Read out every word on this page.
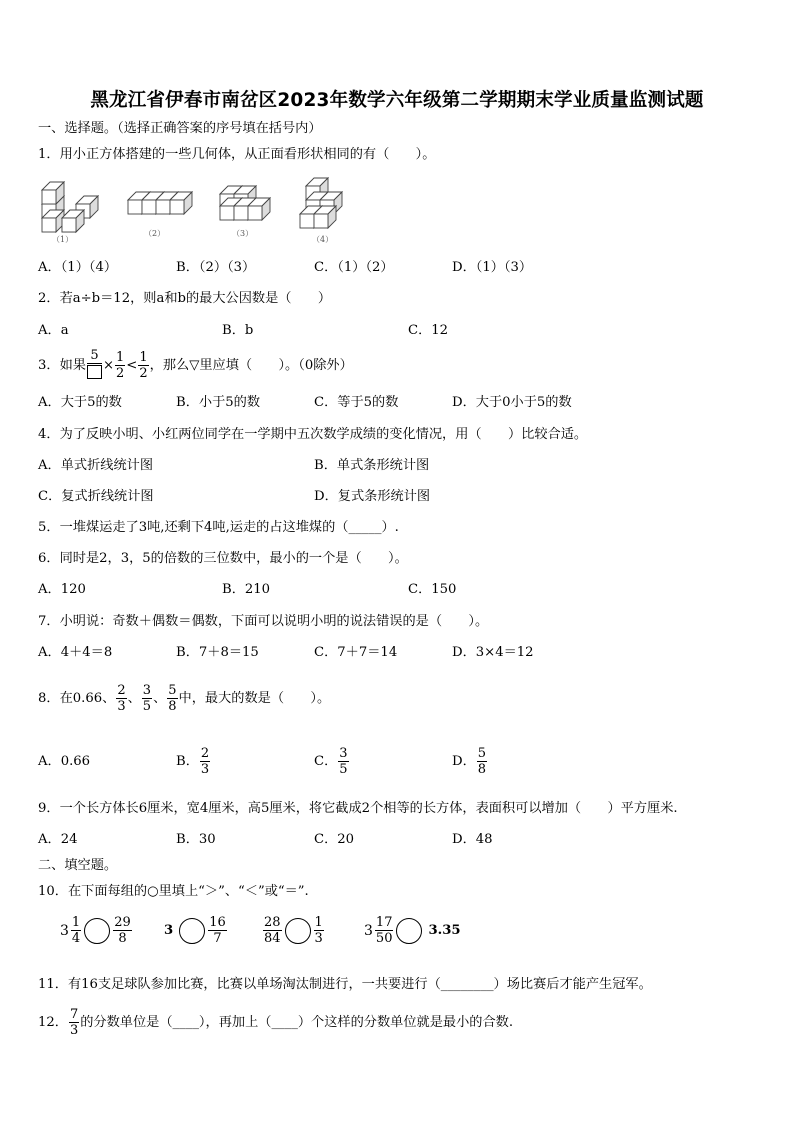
黑龙江省伊春市南岔区2023年数学六年级第二学期期末学业质量监测试题
一、选择题。（选择正确答案的序号填在括号内）
1．用小正方体搭建的一些几何体，从正面看形状相同的有（　　）。
（1）
（2）	（3）
（4）
A．（1）（4）	B．（2）（3）	C．（1）（2）	D．（1）（3）
2．若a÷b＝12，则a和b的最大公因数是（　　）
A．a	B．b	C．12
3．如果
5
× $\frac{1}{2} < \frac{1}{2}$ ，那么▽里应填（　　）。（0除外）
A．大于5的数	B．小于5的数	C．等于5的数	D．大于0小于5的数
4．为了反映小明、小红两位同学在一学期中五次数学成绩的变化情况，用（　　）比较合适。
A．单式折线统计图	B．单式条形统计图
C．复式折线统计图	D．复式条形统计图
5．一堆煤运走了3吨,还剩下4吨,运走的占这堆煤的（_____）.
6．同时是2，3，5的倍数的三位数中，最小的一个是（　　）。
A．120	B．210	C．150
7．小明说：奇数＋偶数＝偶数，下面可以说明小明的说法错误的是（　　）。
A．4＋4＝8	B．7＋8＝15	C．7＋7＝14	D．3×4＝12
8．在0.66、 $\frac{2}{3}$ 、 $\frac{3}{5}$ 、 $\frac{5}{8}$ 中，最大的数是（　　）。
A．0.66	B． $\frac{2}{3}$	C． $\frac{3}{5}$	D． $\frac{5}{8}$
9．一个长方体长6厘米，宽4厘米，高5厘米，将它截成2个相等的长方体，表面积可以增加（　　）平方厘米.
A．24	B．30	C．20	D．48
二、填空题。
10．在下面每组的○里填上“＞”、“＜”或“＝”.
$3 \frac{1}{4} \frac{29}{8} 3$	$\frac{16}{7}$	$\frac{28}{84} \frac{1}{3}$	$3 \frac{17}{50}$	3.35
11．有16支足球队参加比赛，比赛以单场淘汰制进行，一共要进行（________）场比赛后才能产生冠军。
12． $\frac{7}{3}$ 的分数单位是（____），再加上（____）个这样的分数单位就是最小的合数.
